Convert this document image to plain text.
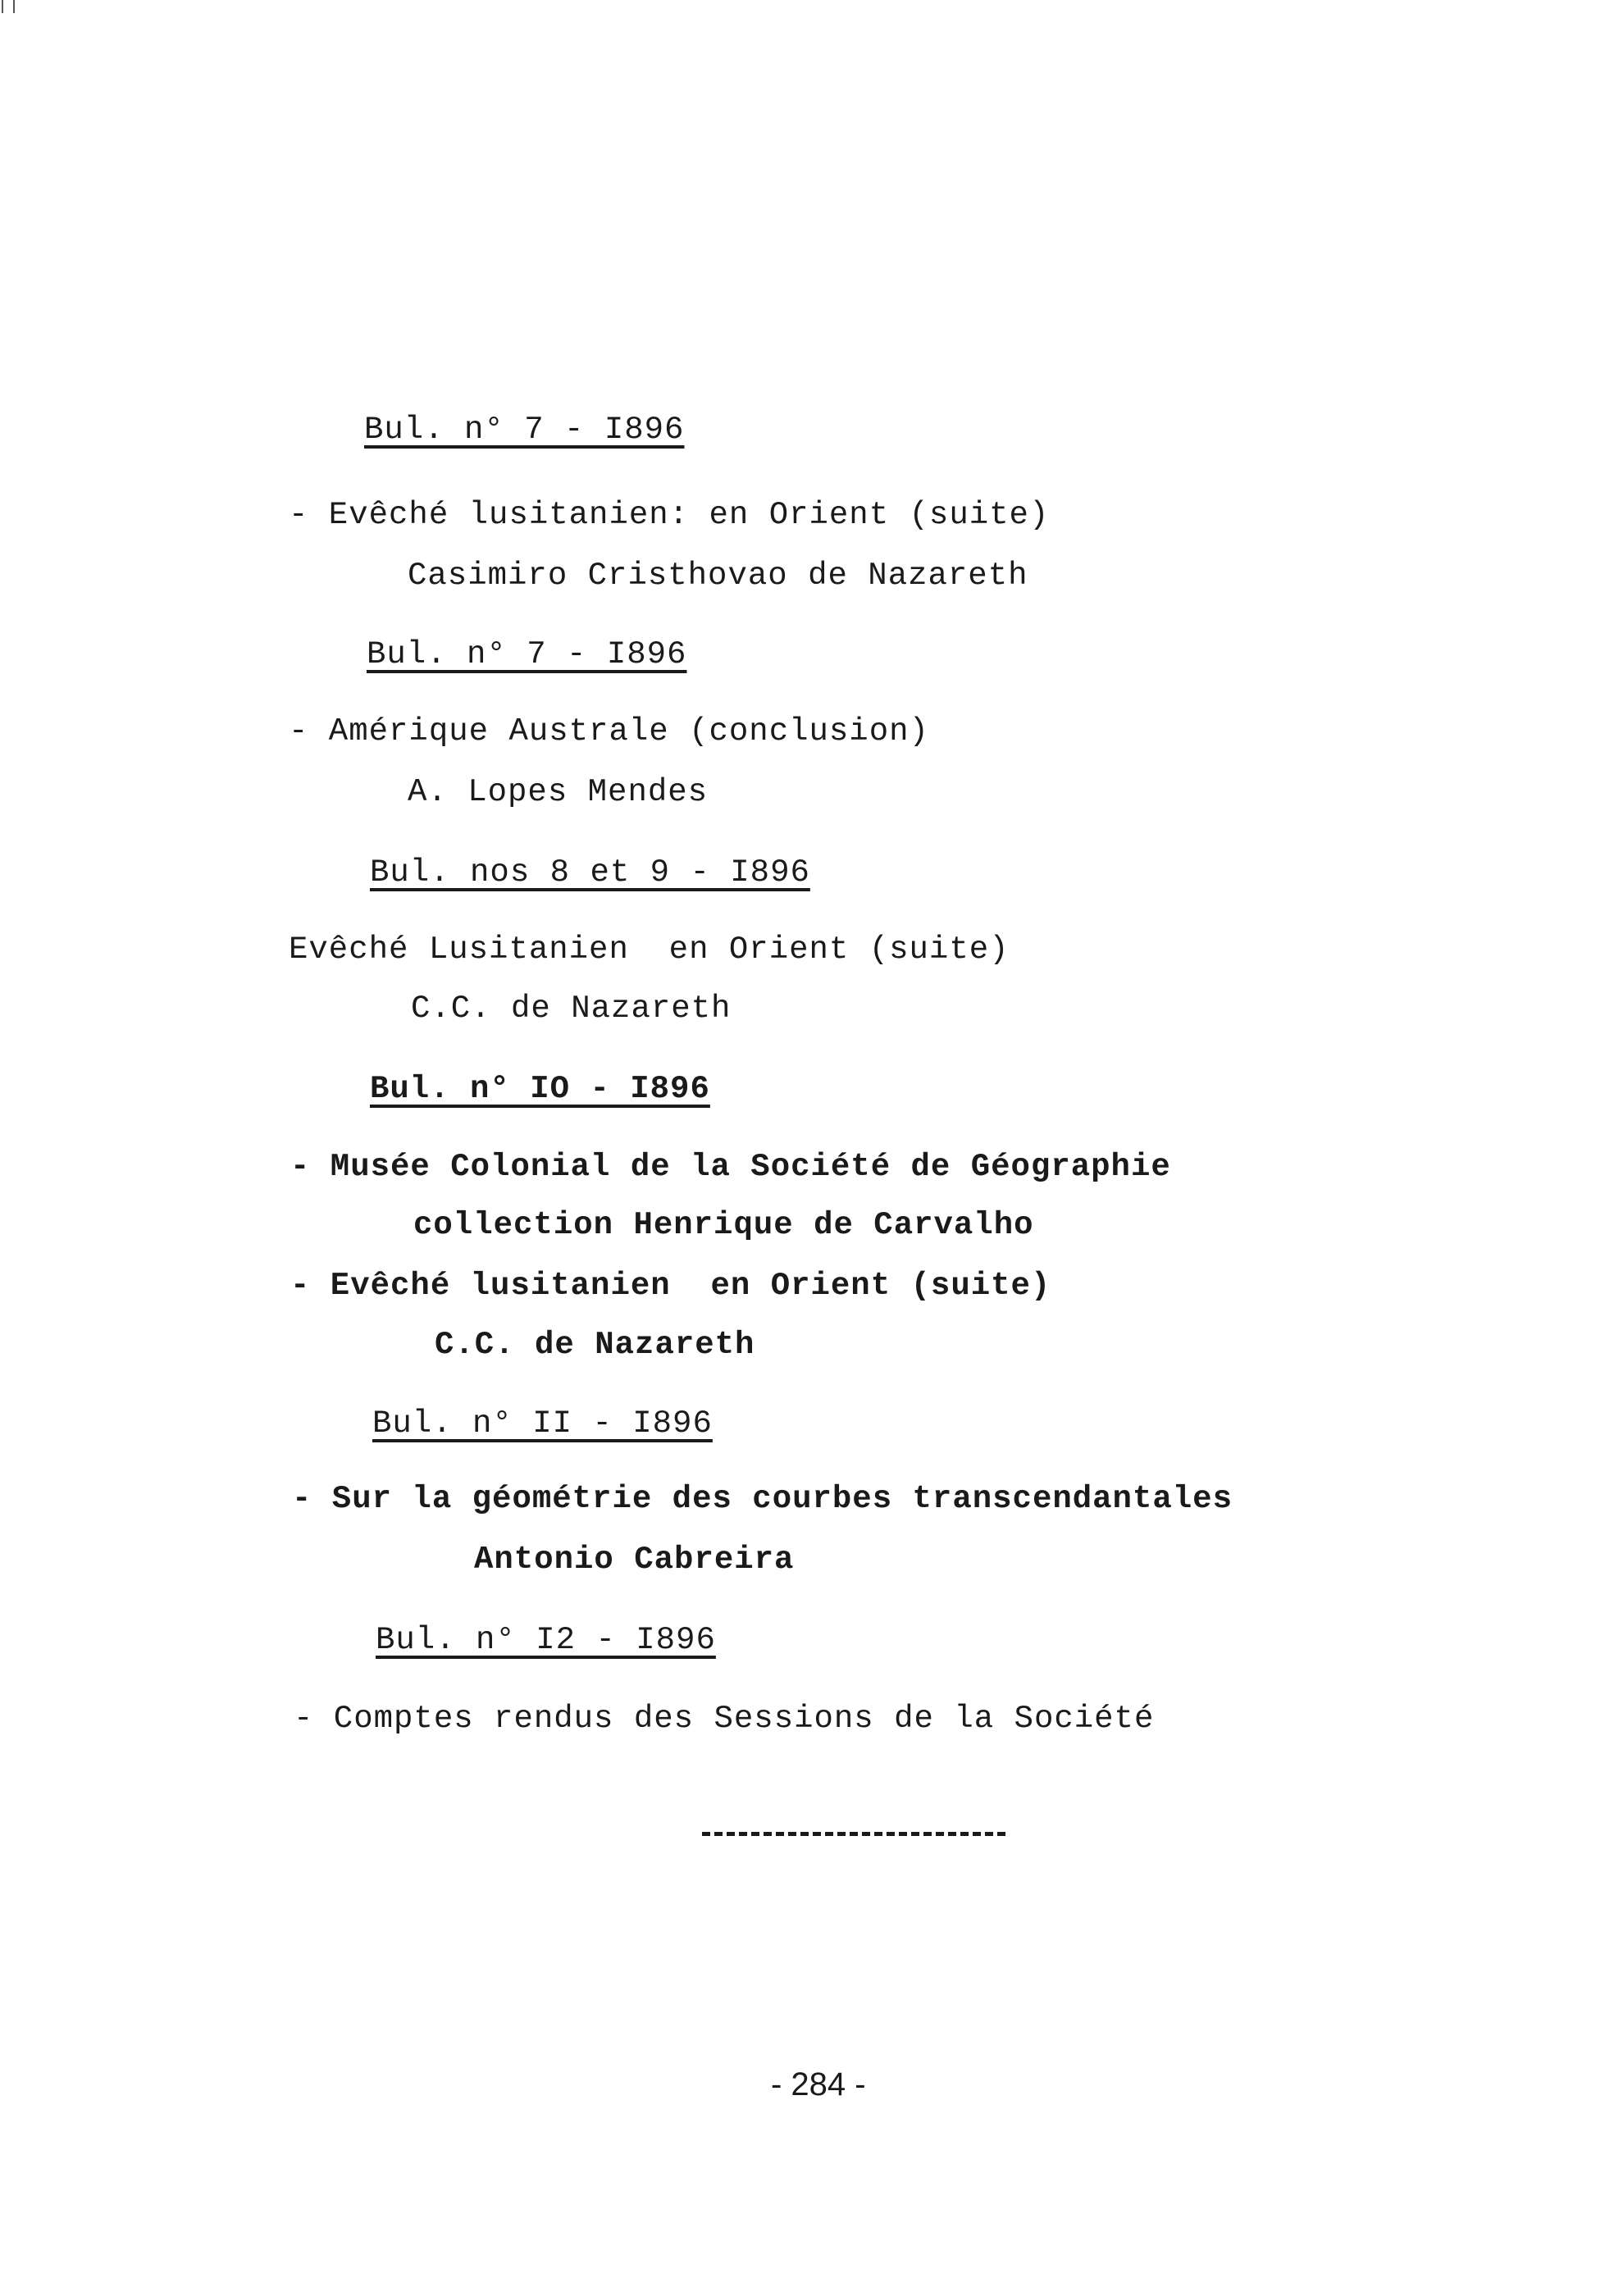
Bul. n° 7 - I896
- Evêché lusitanien: en Orient (suite)
Casimiro Cristhovao de Nazareth
Bul. n° 7 - I896
- Amérique Australe (conclusion)
A. Lopes Mendes
Bul. nos 8 et 9 - I896
Evêché Lusitanien  en Orient (suite)
C.C. de Nazareth
Bul. n° IO - I896
- Musée Colonial de la Société de Géographie
collection Henrique de Carvalho
- Evêché lusitanien  en Orient (suite)
C.C. de Nazareth
Bul. n° II - I896
- Sur la géométrie des courbes transcendantales
Antonio Cabreira
Bul. n° I2 - I896
- Comptes rendus des Sessions de la Société
- 284 -
